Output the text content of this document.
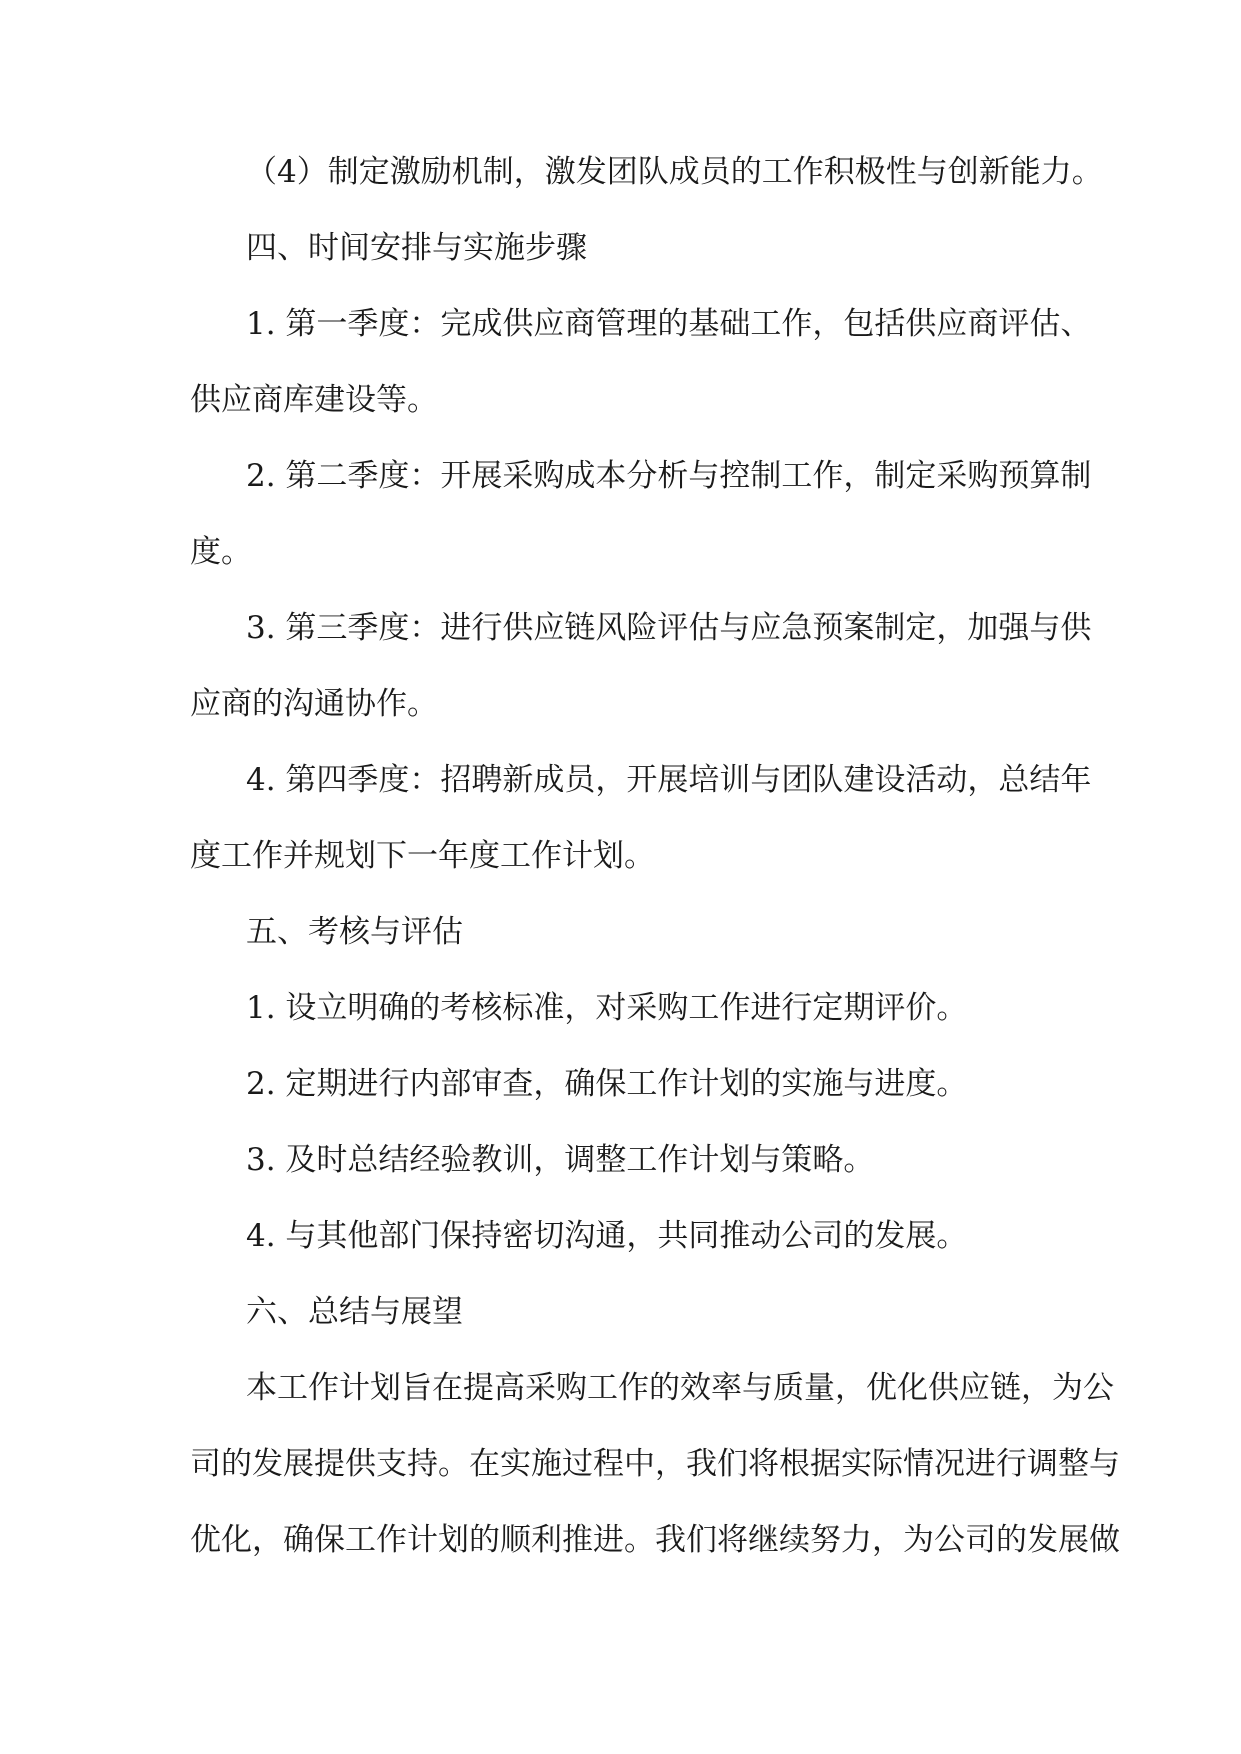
（4）制定激励机制，激发团队成员的工作积极性与创新能力。
四、时间安排与实施步骤
1. 第一季度：完成供应商管理的基础工作，包括供应商评估、
供应商库建设等。
2. 第二季度：开展采购成本分析与控制工作，制定采购预算制
度。
3. 第三季度：进行供应链风险评估与应急预案制定，加强与供
应商的沟通协作。
4. 第四季度：招聘新成员，开展培训与团队建设活动，总结年
度工作并规划下一年度工作计划。
五、考核与评估
1. 设立明确的考核标准，对采购工作进行定期评价。
2. 定期进行内部审查，确保工作计划的实施与进度。
3. 及时总结经验教训，调整工作计划与策略。
4. 与其他部门保持密切沟通，共同推动公司的发展。
六、总结与展望
本工作计划旨在提高采购工作的效率与质量，优化供应链，为公
司的发展提供支持。在实施过程中，我们将根据实际情况进行调整与
优化，确保工作计划的顺利推进。我们将继续努力，为公司的发展做
